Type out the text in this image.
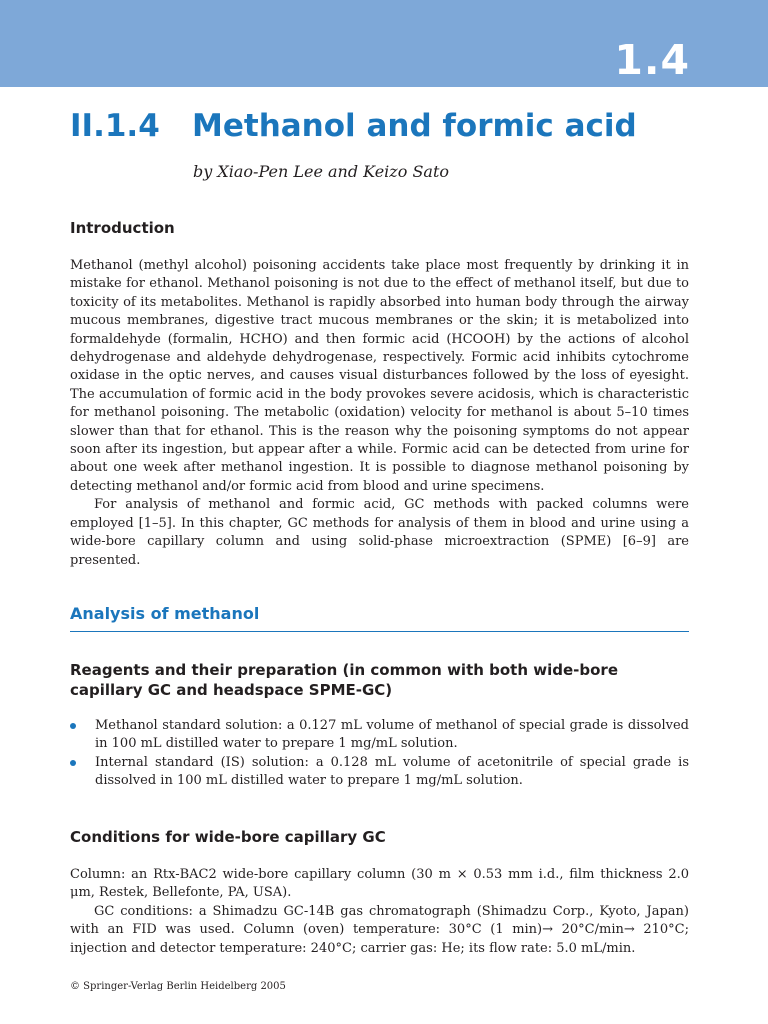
1.4
II.1.4 Methanol and formic acid
by Xiao-Pen Lee and Keizo Sato
Introduction

Methanol (methyl alcohol) poisoning accidents take place most frequently by drinking it in mistake for ethanol. Methanol poisoning is not due to the effect of methanol itself, but due to toxicity of its metabolites. Methanol is rapidly absorbed into human body through the airway mucous membranes, digestive tract mucous membranes or the skin; it is metabolized into formaldehyde (formalin, HCHO) and then formic acid (HCOOH) by the actions of alcohol dehydrogenase and aldehyde dehydrogenase, respectively. Formic acid inhibits cytochrome oxidase in the optic nerves, and causes visual disturbances followed by the loss of eyesight. The accumulation of formic acid in the body provokes severe acidosis, which is characteristic for methanol poisoning. The metabolic (oxidation) velocity for methanol is about 5–10 times slower than that for ethanol. This is the reason why the poisoning symptoms do not appear soon after its ingestion, but appear after a while. Formic acid can be detected from urine for about one week after methanol ingestion. It is possible to diagnose methanol poisoning by detecting methanol and/or formic acid from blood and urine specimens.

For analysis of methanol and formic acid, GC methods with packed columns were employed [1–5]. In this chapter, GC methods for analysis of them in blood and urine using a wide-bore capillary column and using solid-phase microextraction (SPME) [6–9] are presented.

Analysis of methanol
Reagents and their preparation (in common with both wide-bore capillary GC and headspace SPME-GC)
Methanol standard solution: a 0.127 mL volume of methanol of special grade is dissolved in 100 mL distilled water to prepare 1 mg/mL solution.
Internal standard (IS) solution: a 0.128 mL volume of acetonitrile of special grade is dissolved in 100 mL distilled water to prepare 1 mg/mL solution.
Conditions for wide-bore capillary GC

Column: an Rtx-BAC2 wide-bore capillary column (30 m × 0.53 mm i.d., film thickness 2.0 μm, Restek, Bellefonte, PA, USA).

GC conditions: a Shimadzu GC-14B gas chromatograph (Shimadzu Corp., Kyoto, Japan) with an FID was used. Column (oven) temperature: 30°C (1 min)→ 20°C/min→ 210°C; injection and detector temperature: 240°C; carrier gas: He; its flow rate: 5.0 mL/min.

© Springer-Verlag Berlin Heidelberg 2005
